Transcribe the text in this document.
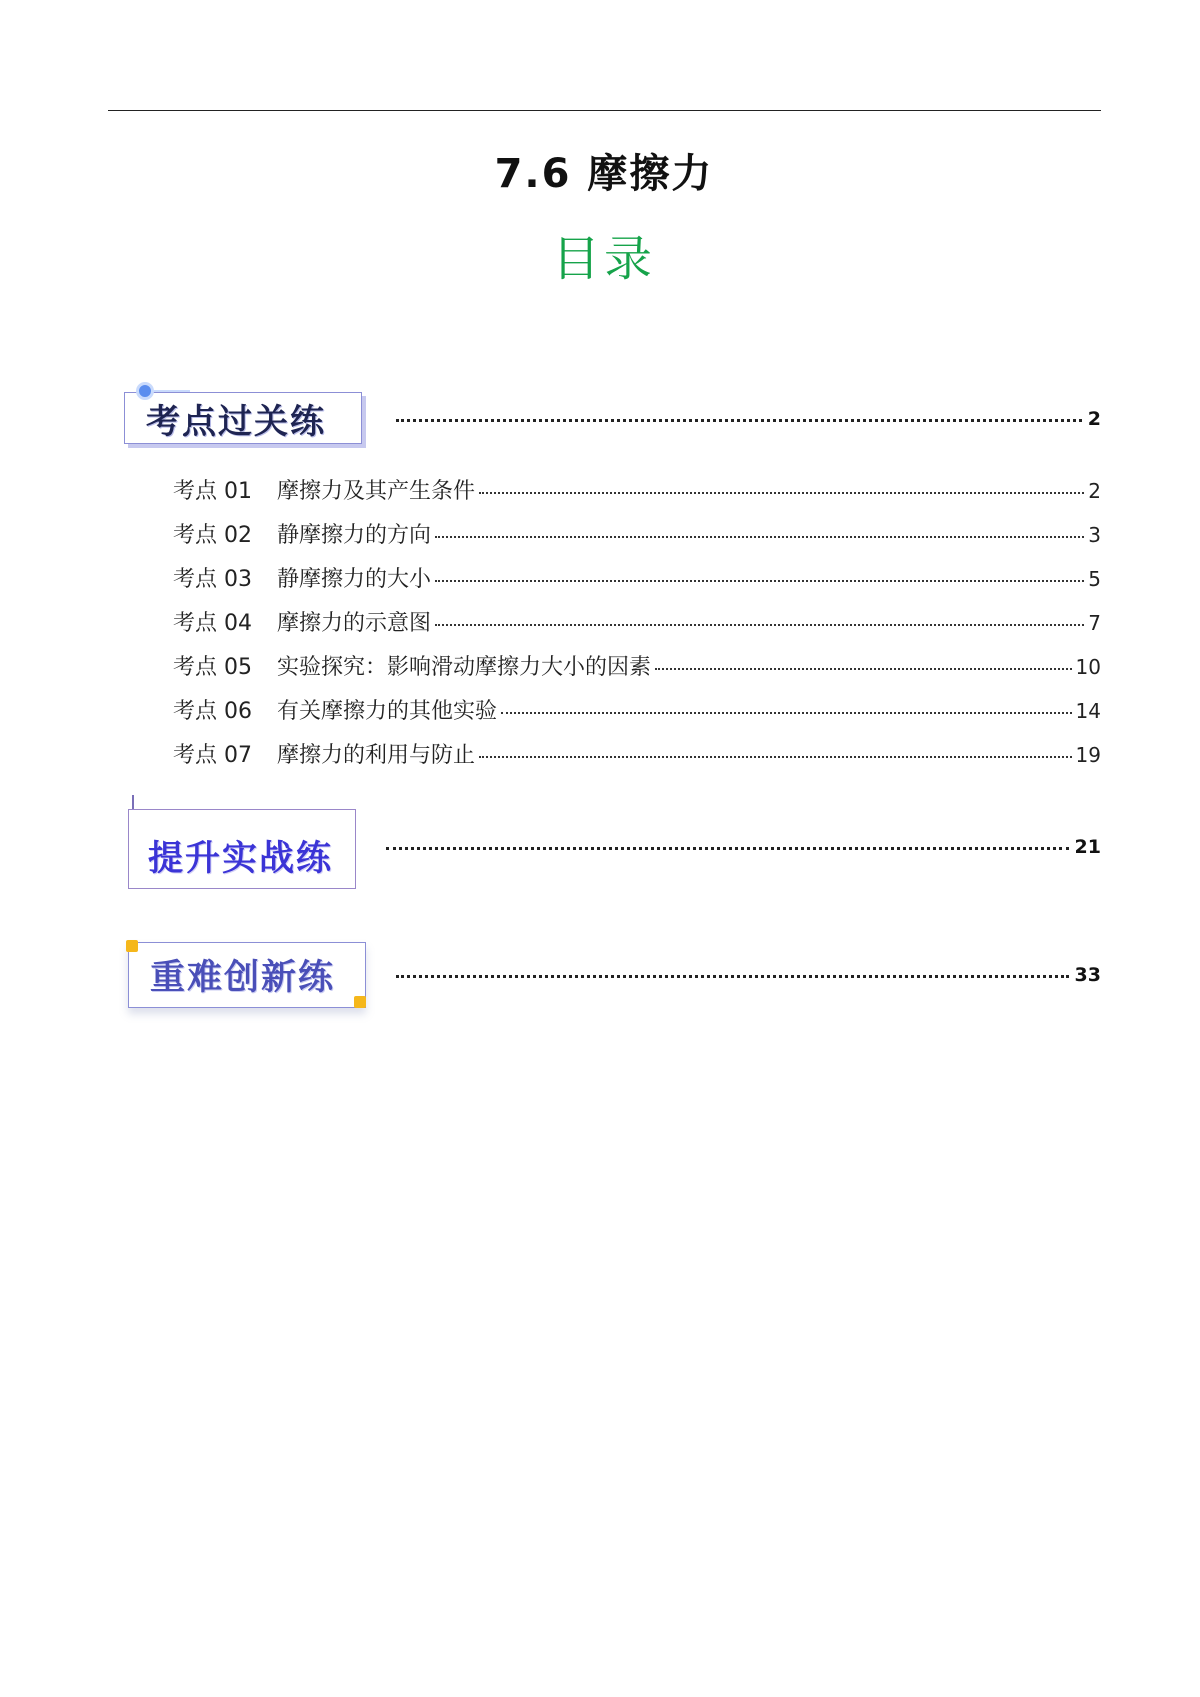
7.6 摩擦力
目录
考点过关练	2
考点 01	摩擦力及其产生条件	2
考点 02	静摩擦力的方向	3
考点 03	静摩擦力的大小	5
考点 04	摩擦力的示意图	7
考点 05	实验探究：影响滑动摩擦力大小的因素	10
考点 06	有关摩擦力的其他实验	14
考点 07	摩擦力的利用与防止	19
提升实战练	21
重难创新练	33
